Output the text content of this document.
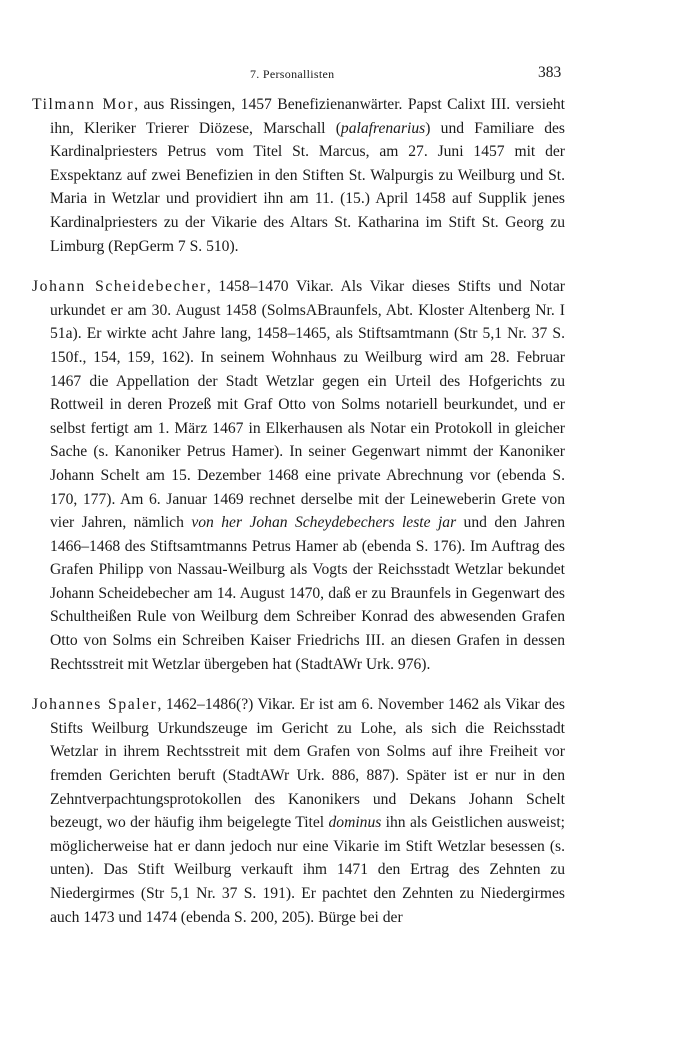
7. Personallisten	383

Tilmann Mor, aus Rissingen, 1457 Benefizienanwärter. Papst Calixt III. versieht ihn, Kleriker Trierer Diözese, Marschall (palafrenarius) und Familiare des Kardinalpriesters Petrus vom Titel St. Marcus, am 27. Juni 1457 mit der Exspektanz auf zwei Benefizien in den Stiften St. Walpurgis zu Weilburg und St. Maria in Wetzlar und providiert ihn am 11. (15.) April 1458 auf Supplik jenes Kardinalpriesters zu der Vikarie des Altars St. Katharina im Stift St. Georg zu Limburg (RepGerm 7 S. 510).

Johann Scheidebecher, 1458–1470 Vikar. Als Vikar dieses Stifts und Notar urkundet er am 30. August 1458 (SolmsABraunfels, Abt. Kloster Altenberg Nr. I 51a). Er wirkte acht Jahre lang, 1458–1465, als Stiftsamtmann (Str 5,1 Nr. 37 S. 150f., 154, 159, 162). In seinem Wohnhaus zu Weilburg wird am 28. Februar 1467 die Appellation der Stadt Wetzlar gegen ein Urteil des Hofgerichts zu Rottweil in deren Prozeß mit Graf Otto von Solms notariell beurkundet, und er selbst fertigt am 1. März 1467 in Elkerhausen als Notar ein Protokoll in gleicher Sache (s. Kanoniker Petrus Hamer). In seiner Gegenwart nimmt der Kanoniker Johann Schelt am 15. Dezember 1468 eine private Abrechnung vor (ebenda S. 170, 177). Am 6. Januar 1469 rechnet derselbe mit der Leineweberin Grete von vier Jahren, nämlich von her Johan Scheydebechers leste jar und den Jahren 1466–1468 des Stiftsamtmanns Petrus Hamer ab (ebenda S. 176). Im Auftrag des Grafen Philipp von Nassau-Weilburg als Vogts der Reichsstadt Wetzlar bekundet Johann Scheidebecher am 14. August 1470, daß er zu Braunfels in Gegenwart des Schultheißen Rule von Weilburg dem Schreiber Konrad des abwesenden Grafen Otto von Solms ein Schreiben Kaiser Friedrichs III. an diesen Grafen in dessen Rechtsstreit mit Wetzlar übergeben hat (StadtAWr Urk. 976).

Johannes Spaler, 1462–1486(?) Vikar. Er ist am 6. November 1462 als Vikar des Stifts Weilburg Urkundszeuge im Gericht zu Lohe, als sich die Reichsstadt Wetzlar in ihrem Rechtsstreit mit dem Grafen von Solms auf ihre Freiheit vor fremden Gerichten beruft (StadtAWr Urk. 886, 887). Später ist er nur in den Zehntverpachtungsprotokollen des Kanonikers und Dekans Johann Schelt bezeugt, wo der häufig ihm beigelegte Titel dominus ihn als Geistlichen ausweist; möglicherweise hat er dann jedoch nur eine Vikarie im Stift Wetzlar besessen (s. unten). Das Stift Weilburg verkauft ihm 1471 den Ertrag des Zehnten zu Niedergirmes (Str 5,1 Nr. 37 S. 191). Er pachtet den Zehnten zu Niedergirmes auch 1473 und 1474 (ebenda S. 200, 205). Bürge bei der
